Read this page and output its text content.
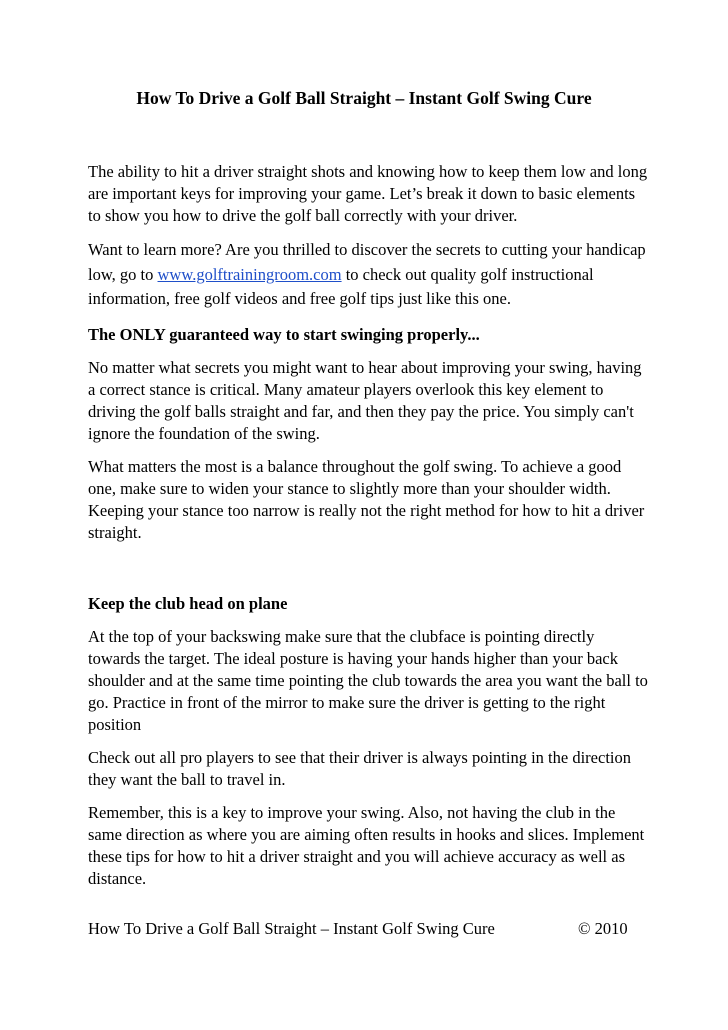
How To Drive a Golf Ball Straight – Instant Golf Swing Cure

The ability to hit a driver straight shots and knowing how to keep them low and long are important keys for improving your game. Let’s break it down to basic elements to show you how to drive the golf ball correctly with your driver.

Want to learn more? Are you thrilled to discover the secrets to cutting your handicap low, go to www.golftrainingroom.com to check out quality golf instructional information, free golf videos and free golf tips just like this one.

The ONLY guaranteed way to start swinging properly...

No matter what secrets you might want to hear about improving your swing, having a correct stance is critical. Many amateur players overlook this key element to driving the golf balls straight and far, and then they pay the price. You simply can't ignore the foundation of the swing.

What matters the most is a balance throughout the golf swing. To achieve a good one, make sure to widen your stance to slightly more than your shoulder width. Keeping your stance too narrow is really not the right method for how to hit a driver straight.

Keep the club head on plane

At the top of your backswing make sure that the clubface is pointing directly towards the target. The ideal posture is having your hands higher than your back shoulder and at the same time pointing the club towards the area you want the ball to go. Practice in front of the mirror to make sure the driver is getting to the right position

Check out all pro players to see that their driver is always pointing in the direction they want the ball to travel in.

Remember, this is a key to improve your swing. Also, not having the club in the same direction as where you are aiming often results in hooks and slices. Implement these tips for how to hit a driver straight and you will achieve accuracy as well as distance.

How To Drive a Golf Ball Straight – Instant Golf Swing Cure	© 2010
